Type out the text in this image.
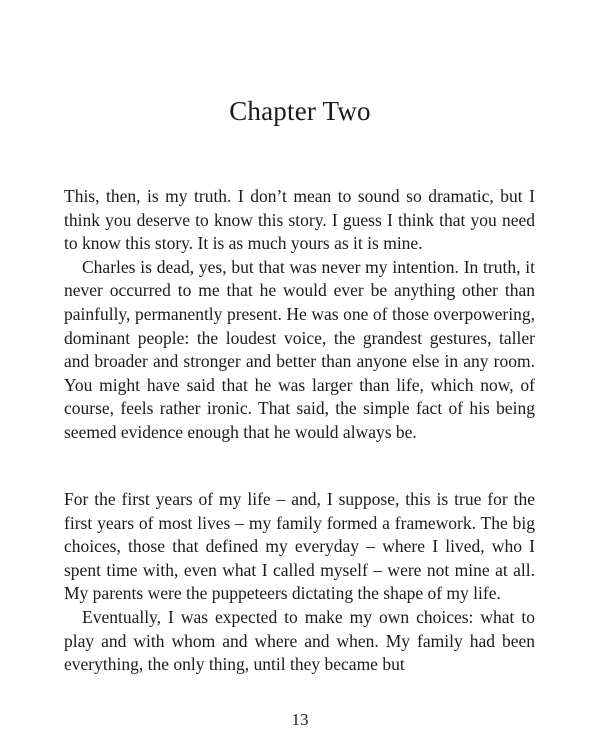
Chapter Two

This, then, is my truth. I don’t mean to sound so dramatic, but I think you deserve to know this story. I guess I think that you need to know this story. It is as much yours as it is mine.

Charles is dead, yes, but that was never my intention. In truth, it never occurred to me that he would ever be anything other than painfully, permanently present. He was one of those overpowering, dominant people: the loudest voice, the grandest gestures, taller and broader and stronger and better than anyone else in any room. You might have said that he was larger than life, which now, of course, feels rather ironic. That said, the simple fact of his being seemed evidence enough that he would always be.

For the first years of my life – and, I suppose, this is true for the first years of most lives – my family formed a framework. The big choices, those that defined my everyday – where I lived, who I spent time with, even what I called myself – were not mine at all. My parents were the puppeteers dictating the shape of my life.

Eventually, I was expected to make my own choices: what to play and with whom and where and when. My family had been everything, the only thing, until they became but

13
